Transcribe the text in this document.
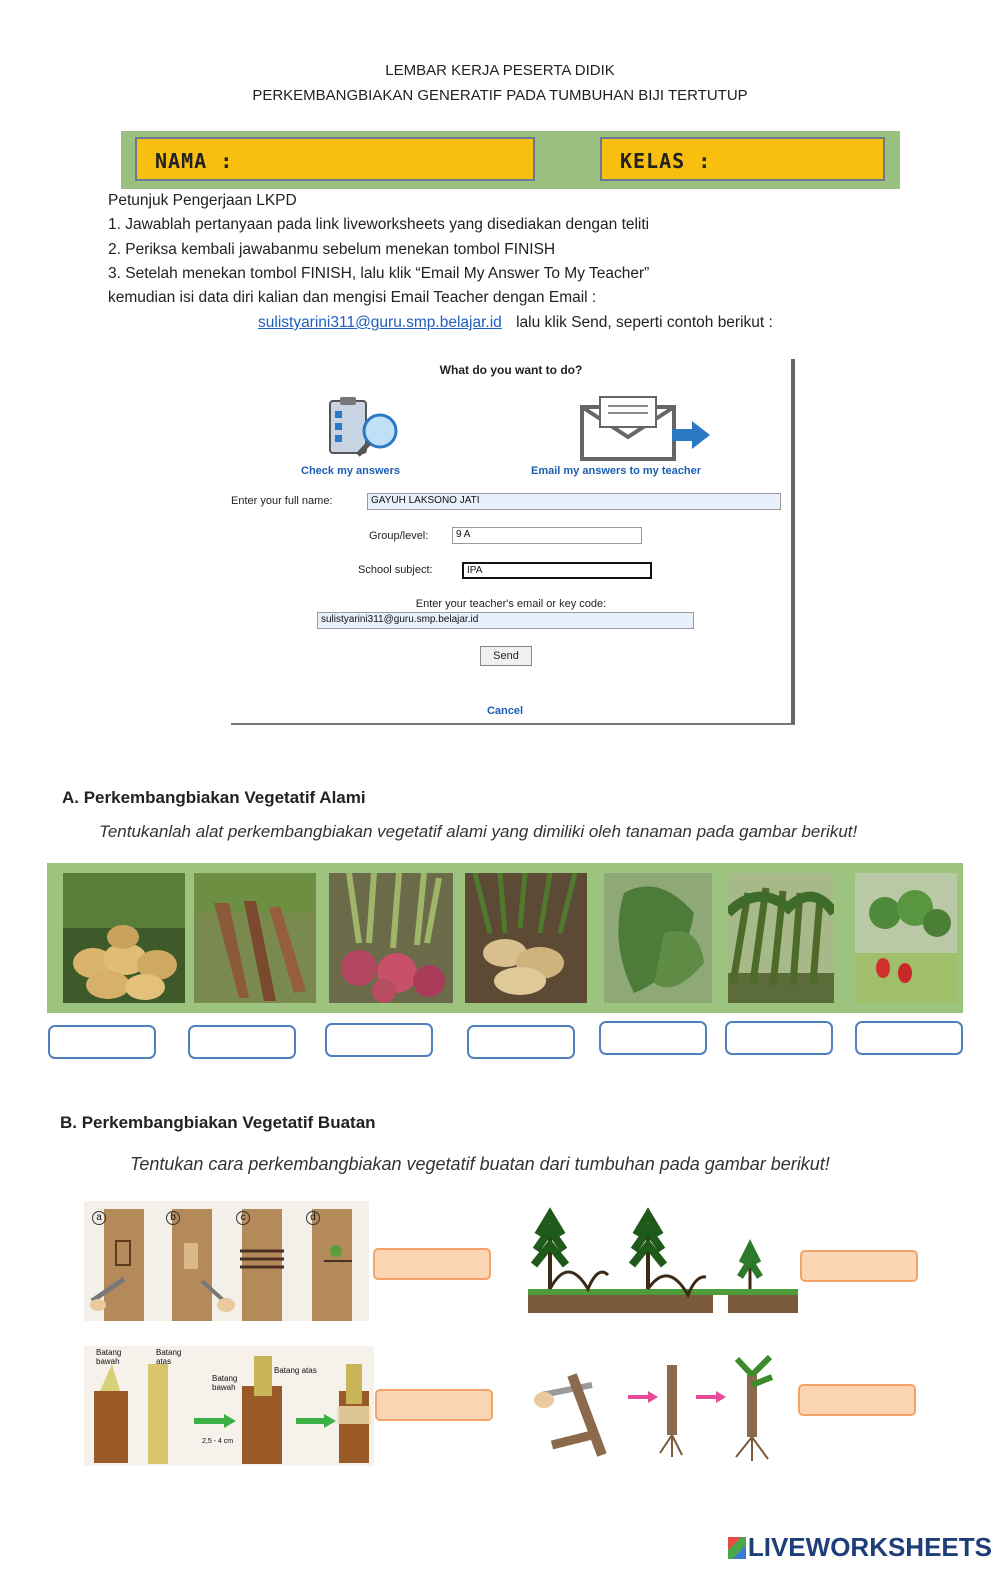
LEMBAR KERJA PESERTA DIDIK
PERKEMBANGBIAKAN GENERATIF PADA TUMBUHAN BIJI TERTUTUP
NAMA :	KELAS :
Petunjuk Pengerjaan LKPD
1. Jawablah pertanyaan pada link liveworksheets yang disediakan dengan teliti
2. Periksa kembali jawabanmu sebelum menekan tombol FINISH
3. Setelah menekan tombol FINISH, lalu klik “Email My Answer To My Teacher”
kemudian isi data diri kalian dan mengisi Email Teacher dengan Email :
sulistyarini311@guru.smp.belajar.id lalu klik Send, seperti contoh berikut :
What do you want to do?
Check my answers	Email my answers to my teacher
Enter your full name:	GAYUH LAKSONO JATI
Group/level:	9 A
School subject:	IPA
Enter your teacher's email or key code:
sulistyarini311@guru.smp.belajar.id
Send
Cancel
A. Perkembangbiakan Vegetatif Alami
Tentukanlah alat perkembangbiakan vegetatif alami yang dimiliki oleh tanaman pada gambar berikut!
B. Perkembangbiakan Vegetatif Buatan
Tentukan cara perkembangbiakan vegetatif buatan dari tumbuhan pada gambar berikut!
a	b	c	d
Batang bawah
Batang atas
Batang bawah
Batang atas
2,5 - 4 cm
LIVEWORKSHEETS
